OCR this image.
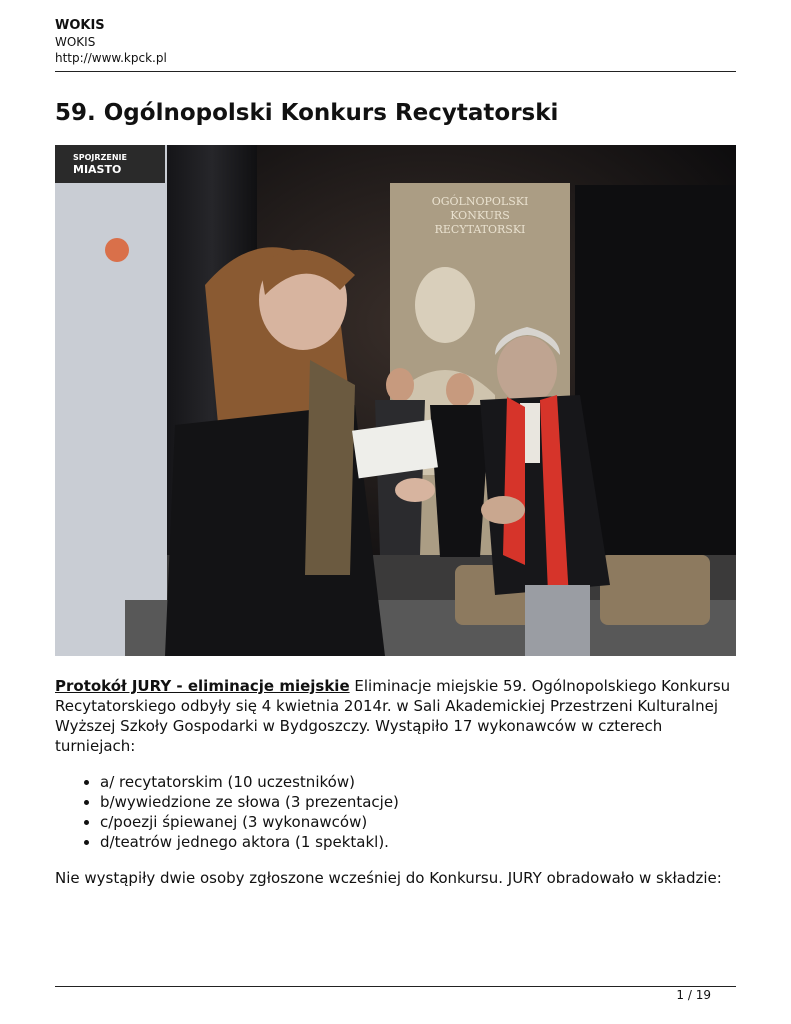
WOKIS
WOKIS
http://www.kpck.pl
59. Ogólnopolski Konkurs Recytatorski
SPOJRZENIE
MIASTO
OGÓLNOPOLSKI
KONKURS
RECYTATORSKI

Protokół JURY - eliminacje miejskie Eliminacje miejskie 59. Ogólnopolskiego Konkursu Recytatorskiego odbyły się 4 kwietnia 2014r. w Sali Akademickiej Przestrzeni Kulturalnej Wyższej Szkoły Gospodarki w Bydgoszczy. Wystąpiło 17 wykonawców w czterech turniejach:

• a/ recytatorskim (10 uczestników)
• b/wywiedzione ze słowa (3 prezentacje)
• c/poezji śpiewanej (3 wykonawców)
• d/teatrów jednego aktora (1 spektakl).

Nie wystąpiły dwie osoby zgłoszone wcześniej do Konkursu. JURY obradowało w składzie:

1 / 19
